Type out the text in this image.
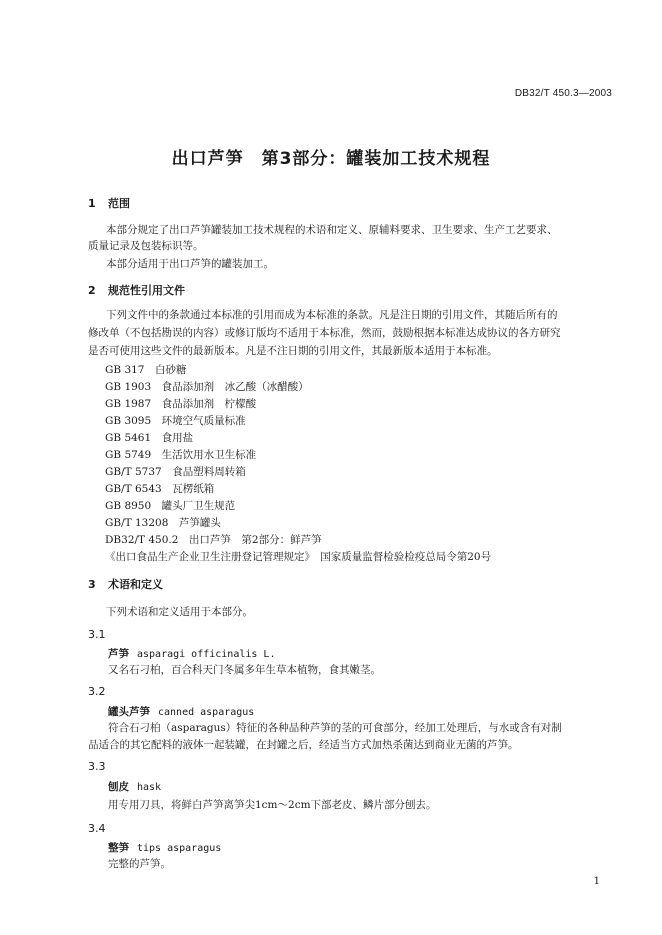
DB32/T 450.3—2003
出口芦笋　第3部分：罐装加工技术规程
1 范围
本部分规定了出口芦笋罐装加工技术规程的术语和定义、原辅料要求、卫生要求、生产工艺要求、
质量记录及包装标识等。
本部分适用于出口芦笋的罐装加工。
2 规范性引用文件
下列文件中的条款通过本标准的引用而成为本标准的条款。凡是注日期的引用文件，其随后所有的
修改单（不包括勘误的内容）或修订版均不适用于本标准，然而，鼓励根据本标准达成协议的各方研究
是否可使用这些文件的最新版本。凡是不注日期的引用文件，其最新版本适用于本标准。
GB 317　白砂糖
GB 1903　食品添加剂　冰乙酸（冰醋酸）
GB 1987　食品添加剂　柠檬酸
GB 3095　环境空气质量标准
GB 5461　食用盐
GB 5749　生活饮用水卫生标准
GB/T 5737　食品塑料周转箱
GB/T 6543　瓦楞纸箱
GB 8950　罐头厂卫生规范
GB/T 13208　芦笋罐头
DB32/T 450.2　出口芦笋　第2部分：鲜芦笋
《出口食品生产企业卫生注册登记管理规定》　国家质量监督检验检疫总局令第20号
3 术语和定义
下列术语和定义适用于本部分。
3.1
芦笋 asparagi officinalis L.
又名石刁柏，百合科天门冬属多年生草本植物，食其嫩茎。
3.2
罐头芦笋 canned asparagus
符合石刁柏（asparagus）特征的各种品种芦笋的茎的可食部分，经加工处理后，与水或含有对制
品适合的其它配料的液体一起装罐，在封罐之后，经适当方式加热杀菌达到商业无菌的芦笋。
3.3
刨皮 hask
用专用刀具，将鲜白芦笋离笋尖1cm～2cm下部老皮、鳞片部分刨去。
3.4
整笋 tips asparagus
完整的芦笋。
1
